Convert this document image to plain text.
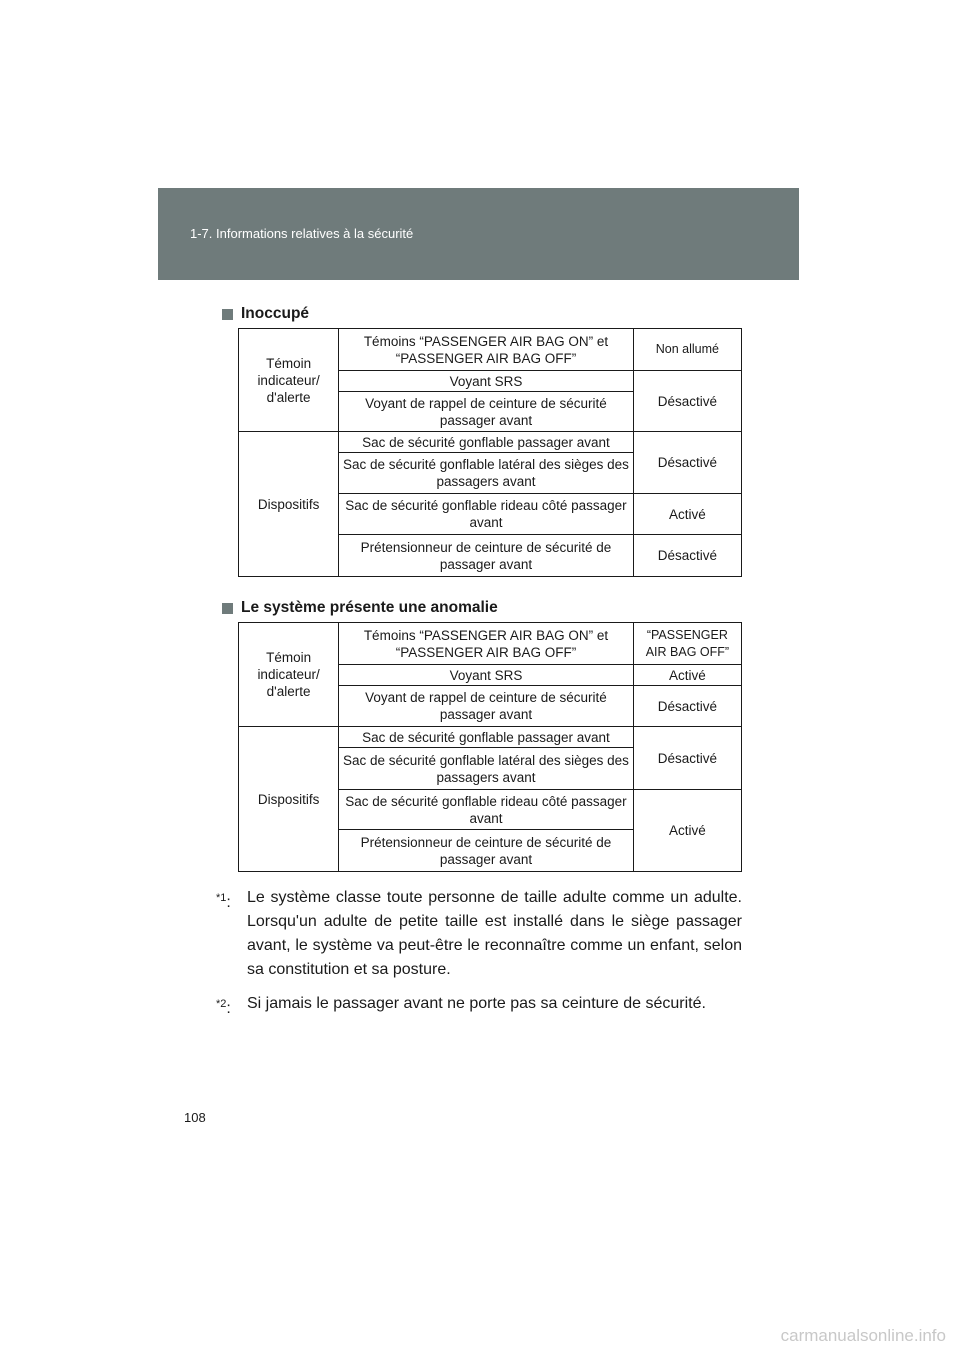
1-7. Informations relatives à la sécurité
Inoccupé
Témoin indicateur/ d'alerte	Témoins “PASSENGER AIR BAG ON” et “PASSENGER AIR BAG OFF”	Non allumé
	Voyant SRS	Désactivé
	Voyant de rappel de ceinture de sécurité passager avant	
Dispositifs	Sac de sécurité gonflable passager avant	Désactivé
	Sac de sécurité gonflable latéral des sièges des passagers avant	
	Sac de sécurité gonflable rideau côté passager avant	Activé
	Prétensionneur de ceinture de sécurité de passager avant	Désactivé
Le système présente une anomalie
Témoin indicateur/ d'alerte	Témoins “PASSENGER AIR BAG ON” et “PASSENGER AIR BAG OFF”	“PASSENGER AIR BAG OFF”
	Voyant SRS	Activé
	Voyant de rappel de ceinture de sécurité passager avant	Désactivé
Dispositifs	Sac de sécurité gonflable passager avant	Désactivé
	Sac de sécurité gonflable latéral des sièges des passagers avant	
	Sac de sécurité gonflable rideau côté passager avant	Activé
	Prétensionneur de ceinture de sécurité de passager avant	
$^{*1}$: Le système classe toute personne de taille adulte comme un adulte. Lorsqu'un adulte de petite taille est installé dans le siège passager avant, le système va peut-être le reconnaître comme un enfant, selon sa constitution et sa posture.
$^{*2}$: Si jamais le passager avant ne porte pas sa ceinture de sécurité.
108
carmanualsonline.info
